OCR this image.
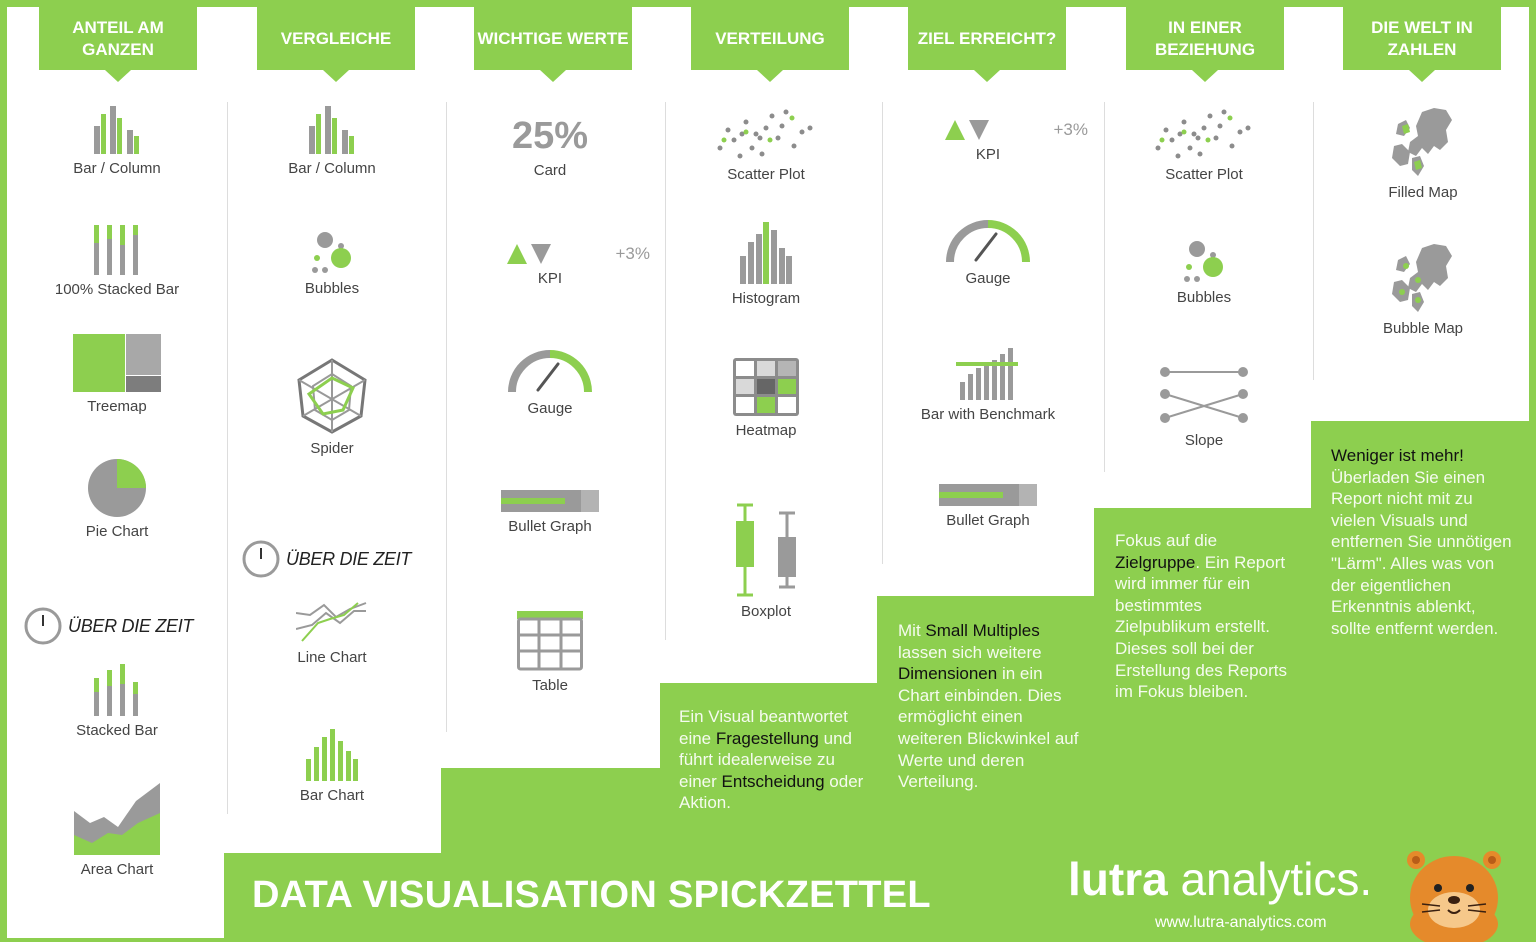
ANTEIL AM GANZEN
VERGLEICHE	WICHTIGE WERTE	VERTEILUNG	ZIEL ERREICHT?
IN EINER BEZIEHUNG
DIE WELT IN ZAHLEN
Bar / Column
100% Stacked Bar
Treemap
Pie Chart
ÜBER DIE ZEIT
Stacked Bar
Area Chart
Bar / Column
Bubbles
Spider
ÜBER DIE ZEIT
Line Chart
Bar Chart
25%
Card
+3%
KPI
Gauge
Bullet Graph
Table
Scatter Plot
Histogram
Heatmap
Boxplot
+3%
KPI
Gauge
Bar with Benchmark
Bullet Graph
Scatter Plot
Bubbles
Slope
Filled Map
Bubble Map
Ein Visual beantwortet eine Fragestellung und führt idealerweise zu einer Entscheidung oder Aktion.
Mit Small Multiples lassen sich weitere Dimensionen in ein Chart einbinden. Dies ermöglicht einen weiteren Blickwinkel auf Werte und deren Verteilung.
Fokus auf die Zielgruppe. Ein Report wird immer für ein bestimmtes Zielpublikum erstellt. Dieses soll bei der Erstellung des Reports im Fokus bleiben.
Weniger ist mehr! Überladen Sie einen Report nicht mit zu vielen Visuals und entfernen Sie unnötigen "Lärm". Alles was von der eigentlichen Erkenntnis ablenkt, sollte entfernt werden.
DATA VISUALISATION SPICKZETTEL	lutra analytics.
www.lutra-analytics.com
